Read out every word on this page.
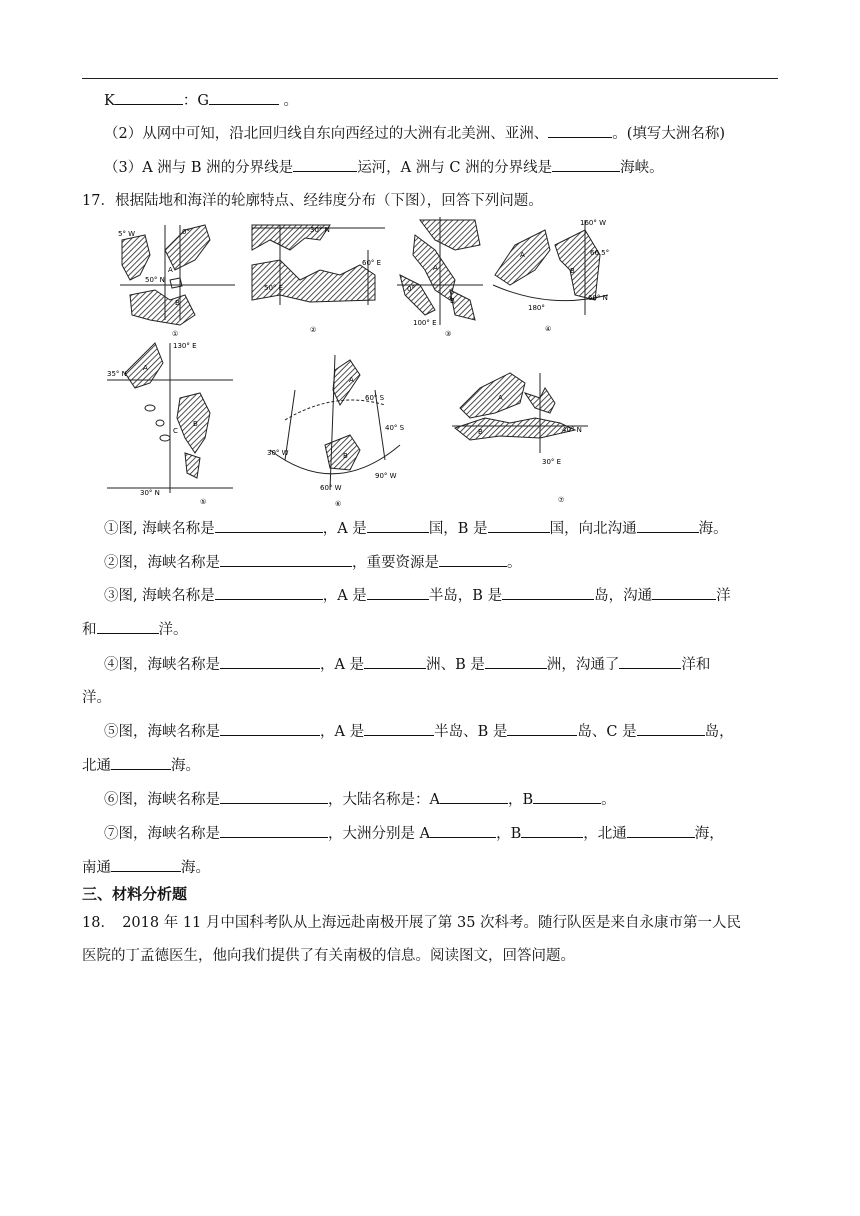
K	：G	。
（2）从网中可知，沿北回归线自东向西经过的大洲有北美洲、亚洲、	。(填写大洲名称)
（3）A 洲与 B 洲的分界线是	运河，A 洲与 C 洲的分界线是	海峡。
17．根据陆地和海洋的轮廓特点、经纬度分布（下图），回答下列问题。
5° W	0°
50° N
A
B
①
30° N
60° E
50° E
②
A
B
0°
100° E
③
160° W
66.5°
60° N
180°
A
B
④
130° E
35° N
30° N
A
B
C
⑤
60° S
40° S
30° W
60° W
90° W
A
B
⑥
40° N
30° E
A
B
⑦
①图, 海峡名称是	，A 是	国，B 是	国，向北沟通	海。
②图，海峡名称是	，重要资源是	。
③图, 海峡名称是	，A 是	半岛，B 是	岛，沟通	洋
和	洋。
④图，海峡名称是	，A 是	洲、B 是	洲，沟通了	洋和
洋。
⑤图，海峡名称是	，A 是	半岛、B 是	岛、C 是	岛，
北通	海。
⑥图，海峡名称是	，大陆名称是：A	，B	。
⑦图，海峡名称是	，大洲分别是 A	，B	，北通	海，
南通	海。
三、材料分析题
18．　2018 年 11 月中国科考队从上海远赴南极开展了第 35 次科考。随行队医是来自永康市第一人民
医院的丁孟德医生，他向我们提供了有关南极的信息。阅读图文，回答问题。
